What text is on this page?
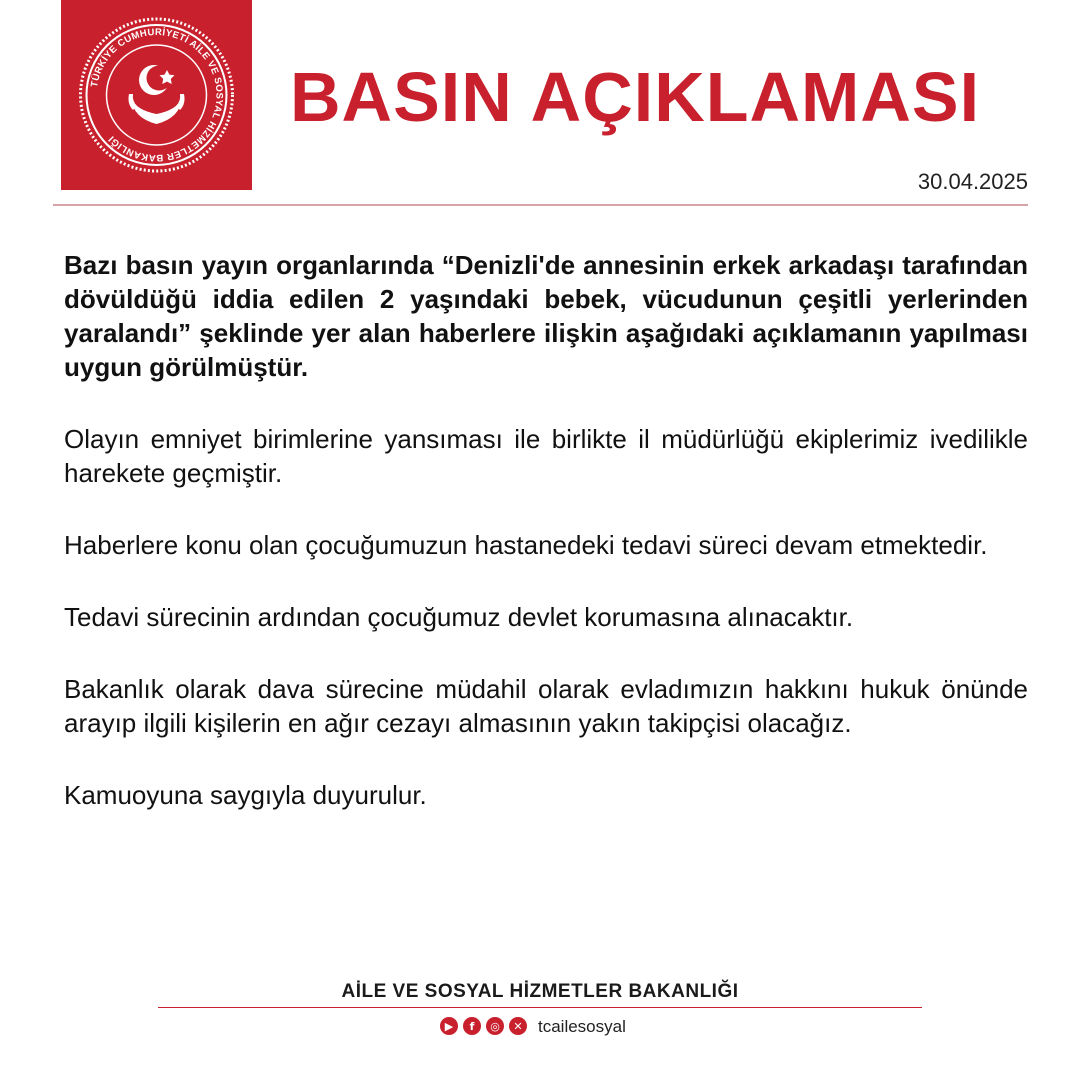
TÜRKİYE CUMHURİYETİ AİLE VE SOSYAL HİZMETLER BAKANLIĞI
BASIN AÇIKLAMASI
30.04.2025

Bazı basın yayın organlarında “Denizli'de annesinin erkek arkadaşı tarafından dövüldüğü iddia edilen 2 yaşındaki bebek, vücudunun çeşitli yerlerinden yaralandı” şeklinde yer alan haberlere ilişkin aşağıdaki açıklamanın yapılması uygun görülmüştür.

Olayın emniyet birimlerine yansıması ile birlikte il müdürlüğü ekiplerimiz ivedilikle harekete geçmiştir.

Haberlere konu olan çocuğumuzun hastanedeki tedavi süreci devam etmektedir.

Tedavi sürecinin ardından çocuğumuz devlet korumasına alınacaktır.

Bakanlık olarak dava sürecine müdahil olarak evladımızın hakkını hukuk önünde arayıp ilgili kişilerin en ağır cezayı almasının yakın takipçisi olacağız.

Kamuoyuna saygıyla duyurulur.

AİLE VE SOSYAL HİZMETLER BAKANLIĞI
▶	f	◎	✕ tcailesosyal
